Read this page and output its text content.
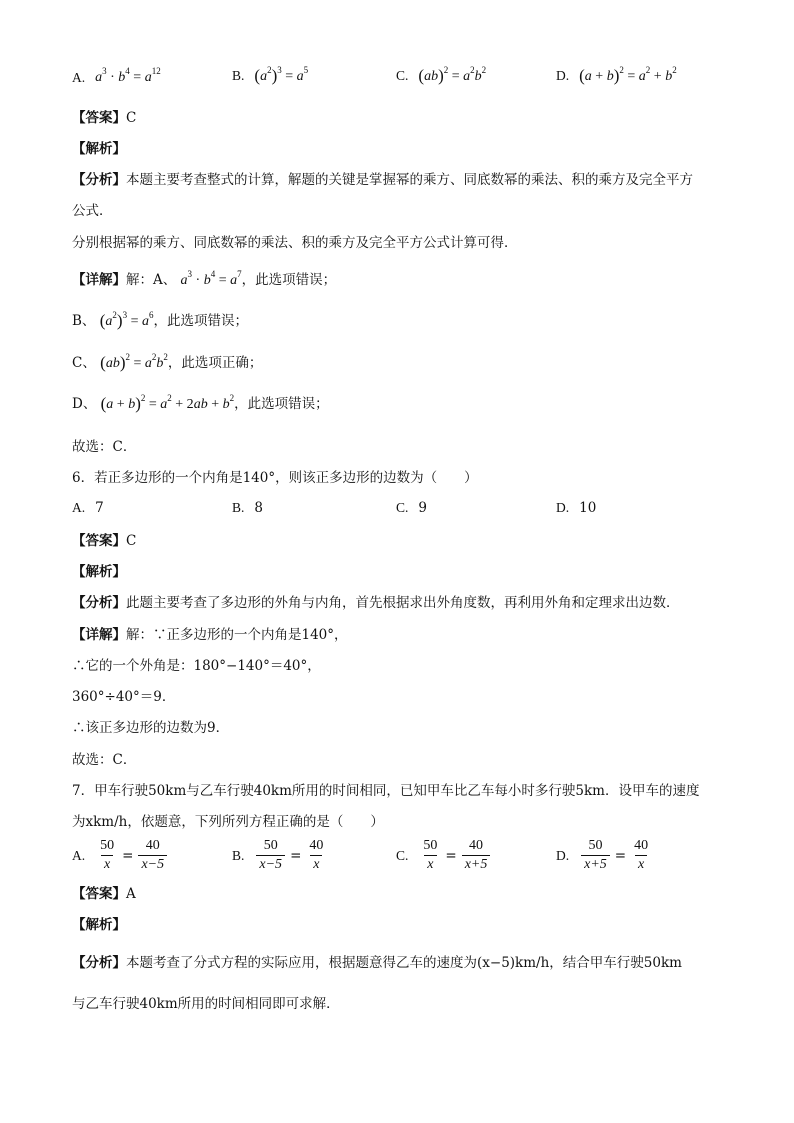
A. $a^3 \cdot b^4 = a^{12}$	B. $(a^2)^3 = a^5$	C. $(ab)^2 = a^2b^2$	D. $(a + b)^2 = a^2 + b^2$
【答案】C
【解析】
【分析】本题主要考查整式的计算，解题的关键是掌握幂的乘方、同底数幂的乘法、积的乘方及完全平方
公式．
分别根据幂的乘方、同底数幂的乘法、积的乘方及完全平方公式计算可得．
【详解】解：A、 $a^3 \cdot b^4 = a^7$，此选项错误；
B、 $(a^2)^3 = a^6$，此选项错误；
C、 $(ab)^2 = a^2b^2$，此选项正确；
D、 $(a + b)^2 = a^2 + 2ab + b^2$，此选项错误；
故选：C．
6．若正多边形的一个内角是140°，则该正多边形的边数为（　　）
A. 7	B. 8	C. 9	D. 10
【答案】C
【解析】
【分析】此题主要考查了多边形的外角与内角，首先根据求出外角度数，再利用外角和定理求出边数．
【详解】解：∵正多边形的一个内角是140°，
∴它的一个外角是：180°−140°＝40°，
360°÷40°＝9．
∴该正多边形的边数为9．
故选：C．
7．甲车行驶50km与乙车行驶40km所用的时间相同，已知甲车比乙车每小时多行驶5km．设甲车的速度
为xkm/h，依题意，下列所列方程正确的是（　　）
A. $\frac{50}{x} = \frac{40}{x-5}$	B. $\frac{50}{x-5} = \frac{40}{x}$	C. $\frac{50}{x} = \frac{40}{x+5}$	D. $\frac{50}{x+5} = \frac{40}{x}$
【答案】A
【解析】
【分析】本题考查了分式方程的实际应用，根据题意得乙车的速度为(x−5)km/h，结合甲车行驶50km
与乙车行驶40km所用的时间相同即可求解．
